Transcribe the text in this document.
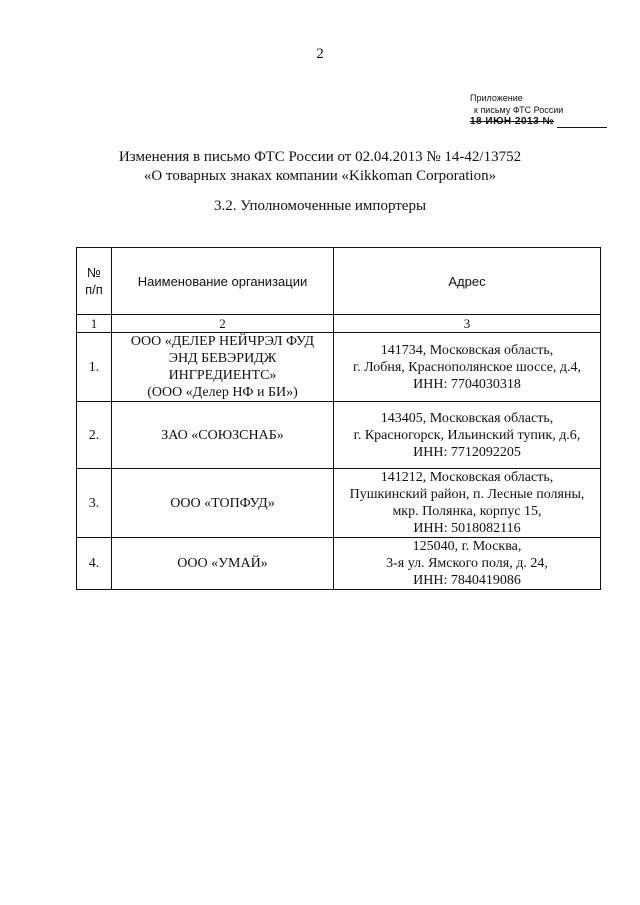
2
Приложение
к письму ФТС России
18 ИЮН 2013 №
Изменения в письмо ФТС России от 02.04.2013 № 14-42/13752
«О товарных знаках компании «Kikkoman Corporation»
3.2. Уполномоченные импортеры
№
п/п	Наименование организации	Адрес
1	2	3
1.	ООО «ДЕЛЕР НЕЙЧРЭЛ ФУД
ЭНД БЕВЭРИДЖ
ИНГРЕДИЕНТС»
(ООО «Делер НФ и БИ»)	141734, Московская область,
г. Лобня, Краснополянское шоссе, д.4,
ИНН: 7704030318

2.	ЗАО «СОЮЗСНАБ»	143405, Московская область,
г. Красногорск, Ильинский тупик, д.6,
ИНН: 7712092205

3.	ООО «ТОПФУД»	141212, Московская область,
Пушкинский район, п. Лесные поляны,
мкр. Полянка, корпус 15,
ИНН: 5018082116

4.	ООО «УМАЙ»	125040, г. Москва,
3-я ул. Ямского поля, д. 24,
ИНН: 7840419086
